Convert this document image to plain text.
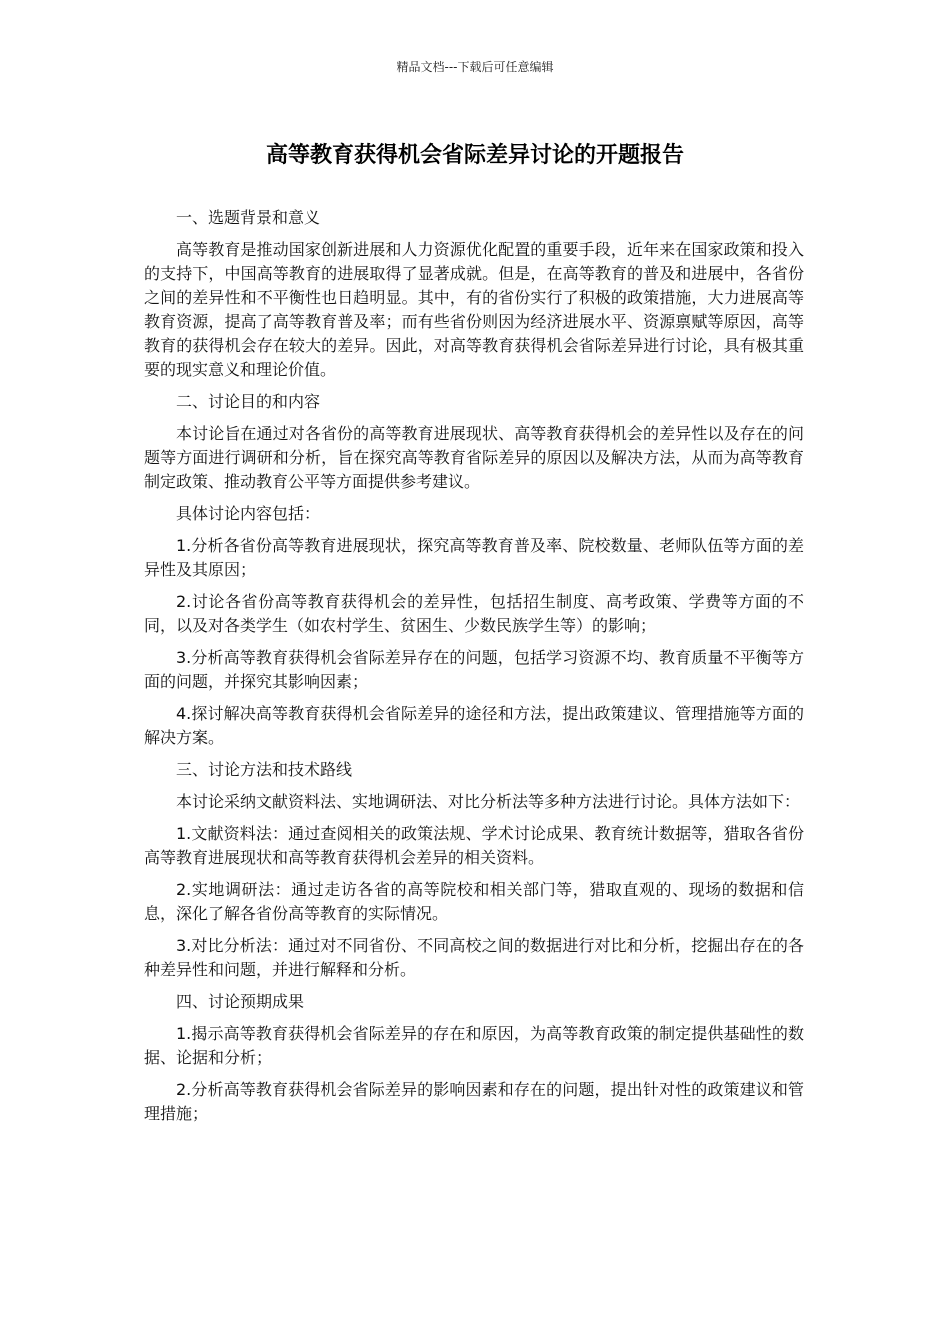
精品文档---下载后可任意编辑
高等教育获得机会省际差异讨论的开题报告

一、选题背景和意义

高等教育是推动国家创新进展和人力资源优化配置的重要手段，近年来在国家政策和投入的支持下，中国高等教育的进展取得了显著成就。但是，在高等教育的普及和进展中，各省份之间的差异性和不平衡性也日趋明显。其中，有的省份实行了积极的政策措施，大力进展高等教育资源，提高了高等教育普及率；而有些省份则因为经济进展水平、资源禀赋等原因，高等教育的获得机会存在较大的差异。因此，对高等教育获得机会省际差异进行讨论，具有极其重要的现实意义和理论价值。

二、讨论目的和内容

本讨论旨在通过对各省份的高等教育进展现状、高等教育获得机会的差异性以及存在的问题等方面进行调研和分析，旨在探究高等教育省际差异的原因以及解决方法，从而为高等教育制定政策、推动教育公平等方面提供参考建议。

具体讨论内容包括：

1.分析各省份高等教育进展现状，探究高等教育普及率、院校数量、老师队伍等方面的差异性及其原因；

2.讨论各省份高等教育获得机会的差异性，包括招生制度、高考政策、学费等方面的不同，以及对各类学生（如农村学生、贫困生、少数民族学生等）的影响；

3.分析高等教育获得机会省际差异存在的问题，包括学习资源不均、教育质量不平衡等方面的问题，并探究其影响因素；

4.探讨解决高等教育获得机会省际差异的途径和方法，提出政策建议、管理措施等方面的解决方案。

三、讨论方法和技术路线

本讨论采纳文献资料法、实地调研法、对比分析法等多种方法进行讨论。具体方法如下：

1.文献资料法：通过查阅相关的政策法规、学术讨论成果、教育统计数据等，猎取各省份高等教育进展现状和高等教育获得机会差异的相关资料。

2.实地调研法：通过走访各省的高等院校和相关部门等，猎取直观的、现场的数据和信息，深化了解各省份高等教育的实际情况。

3.对比分析法：通过对不同省份、不同高校之间的数据进行对比和分析，挖掘出存在的各种差异性和问题，并进行解释和分析。

四、讨论预期成果

1.揭示高等教育获得机会省际差异的存在和原因，为高等教育政策的制定提供基础性的数据、论据和分析；

2.分析高等教育获得机会省际差异的影响因素和存在的问题，提出针对性的政策建议和管理措施；
